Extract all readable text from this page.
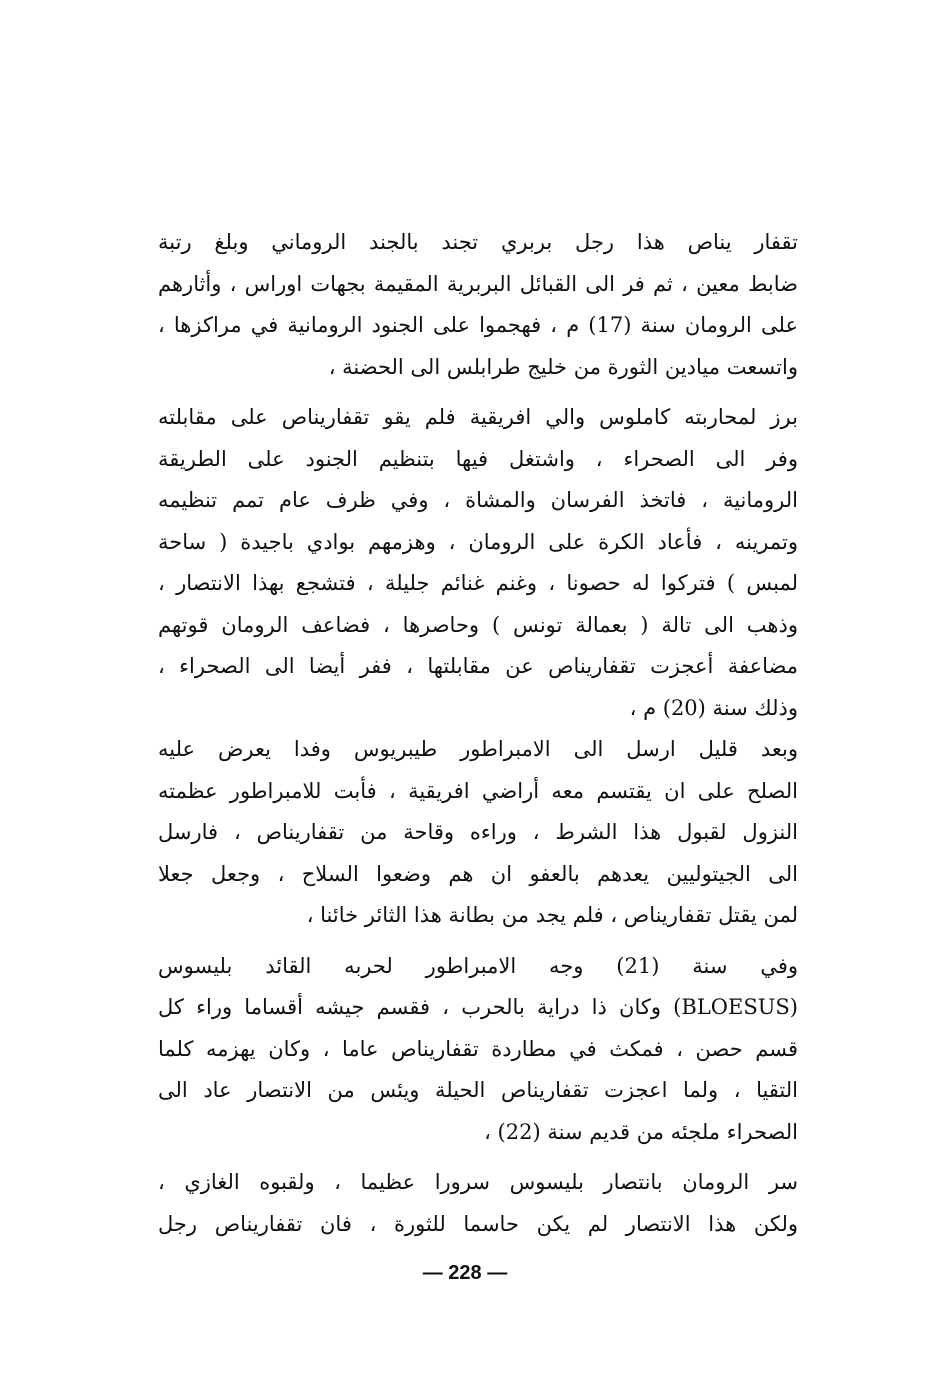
تقفار يناص هذا رجل بربري تجند بالجند الروماني وبلغ رتبة
ضابط معين ، ثم فر الى القبائل البربرية المقيمة بجهات اوراس ، وأثارهم
على الرومان سنة (17) م ، فهجموا على الجنود الرومانية في مراكزها ،
واتسعت ميادين الثورة من خليج طرابلس الى الحضنة ،
برز لمحاربته كاملوس والي افريقية فلم يقو تقفاريناص على مقابلته
وفر الى الصحراء ، واشتغل فيها بتنظيم الجنود على الطريقة
الرومانية ، فاتخذ الفرسان والمشاة ، وفي ظرف عام تمم تنظيمه
وتمرينه ، فأعاد الكرة على الرومان ، وهزمهم بوادي باجيدة ( ساحة
لمبس ) فتركوا له حصونا ، وغنم غنائم جليلة ، فتشجع بهذا الانتصار ،
وذهب الى تالة ( بعمالة تونس ) وحاصرها ، فضاعف الرومان قوتهم
مضاعفة أعجزت تقفاريناص عن مقابلتها ، ففر أيضا الى الصحراء ،
وذلك سنة (20) م ،
وبعد قليل ارسل الى الامبراطور طيبريوس وفدا يعرض عليه
الصلح على ان يقتسم معه أراضي افريقية ، فأبت للامبراطور عظمته
النزول لقبول هذا الشرط ، وراءه وقاحة من تقفاريناص ، فارسل
الى الجيتوليين يعدهم بالعفو ان هم وضعوا السلاح ، وجعل جعلا
لمن يقتل تقفاريناص ، فلم يجد من بطانة هذا الثائر خائنا ،
وفي سنة (21) وجه الامبراطور لحربه القائد بليسوس
(BLOESUS) وكان ذا دراية بالحرب ، فقسم جيشه أقساما وراء كل
قسم حصن ، فمكث في مطاردة تقفاريناص عاما ، وكان يهزمه كلما
التقيا ، ولما اعجزت تقفاريناص الحيلة ويئس من الانتصار عاد الى
الصحراء ملجئه من قديم سنة (22) ،
سر الرومان بانتصار بليسوس سرورا عظيما ، ولقبوه الغازي ،
ولكن هذا الانتصار لم يكن حاسما للثورة ، فان تقفاريناص رجل
— 228 —
